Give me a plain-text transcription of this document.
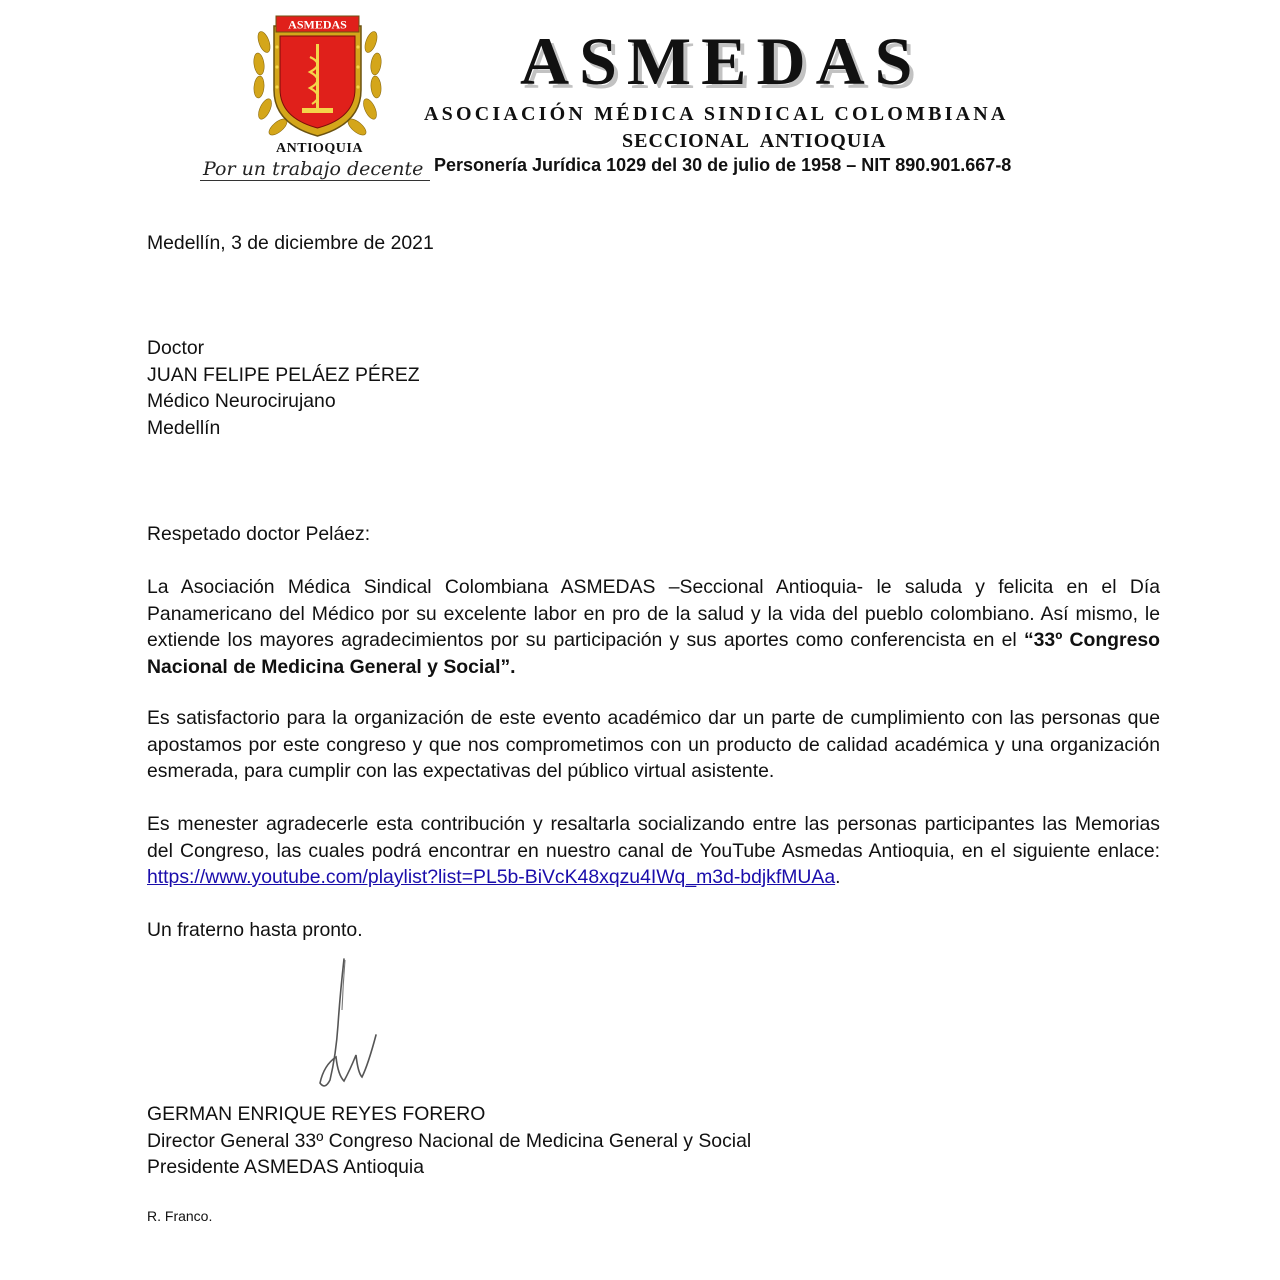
ASMEDAS
ANTIOQUIA
Por un trabajo decente
ASMEDAS
ASOCIACIÓN MÉDICA SINDICAL COLOMBIANA
SECCIONAL  ANTIOQUIA
Personería Jurídica 1029 del 30 de julio de 1958 – NIT 890.901.667-8
Medellín, 3 de diciembre de 2021
Doctor
JUAN FELIPE PELÁEZ PÉREZ
Médico Neurocirujano
Medellín
Respetado doctor Peláez:
La Asociación Médica Sindical Colombiana ASMEDAS –Seccional Antioquia- le saluda y felicita en el Día Panamericano del Médico por su excelente labor en pro de la salud y la vida del pueblo colombiano. Así mismo, le extiende los mayores agradecimientos por su participación y sus aportes como conferencista en el “33º Congreso Nacional de Medicina General y Social”.
Es satisfactorio para la organización de este evento académico dar un parte de cumplimiento con las personas que apostamos por este congreso y que nos comprometimos con un producto de calidad académica y una organización esmerada, para cumplir con las expectativas del público virtual asistente.
Es menester agradecerle esta contribución y resaltarla socializando entre las personas participantes las Memorias del Congreso, las cuales podrá encontrar en nuestro canal de YouTube Asmedas Antioquia, en el siguiente enlace: https://www.youtube.com/playlist?list=PL5b-BiVcK48xqzu4IWq_m3d-bdjkfMUAa.
Un fraterno hasta pronto.
GERMAN ENRIQUE REYES FORERO
Director General 33º Congreso Nacional de Medicina General y Social
Presidente ASMEDAS Antioquia
R. Franco.
